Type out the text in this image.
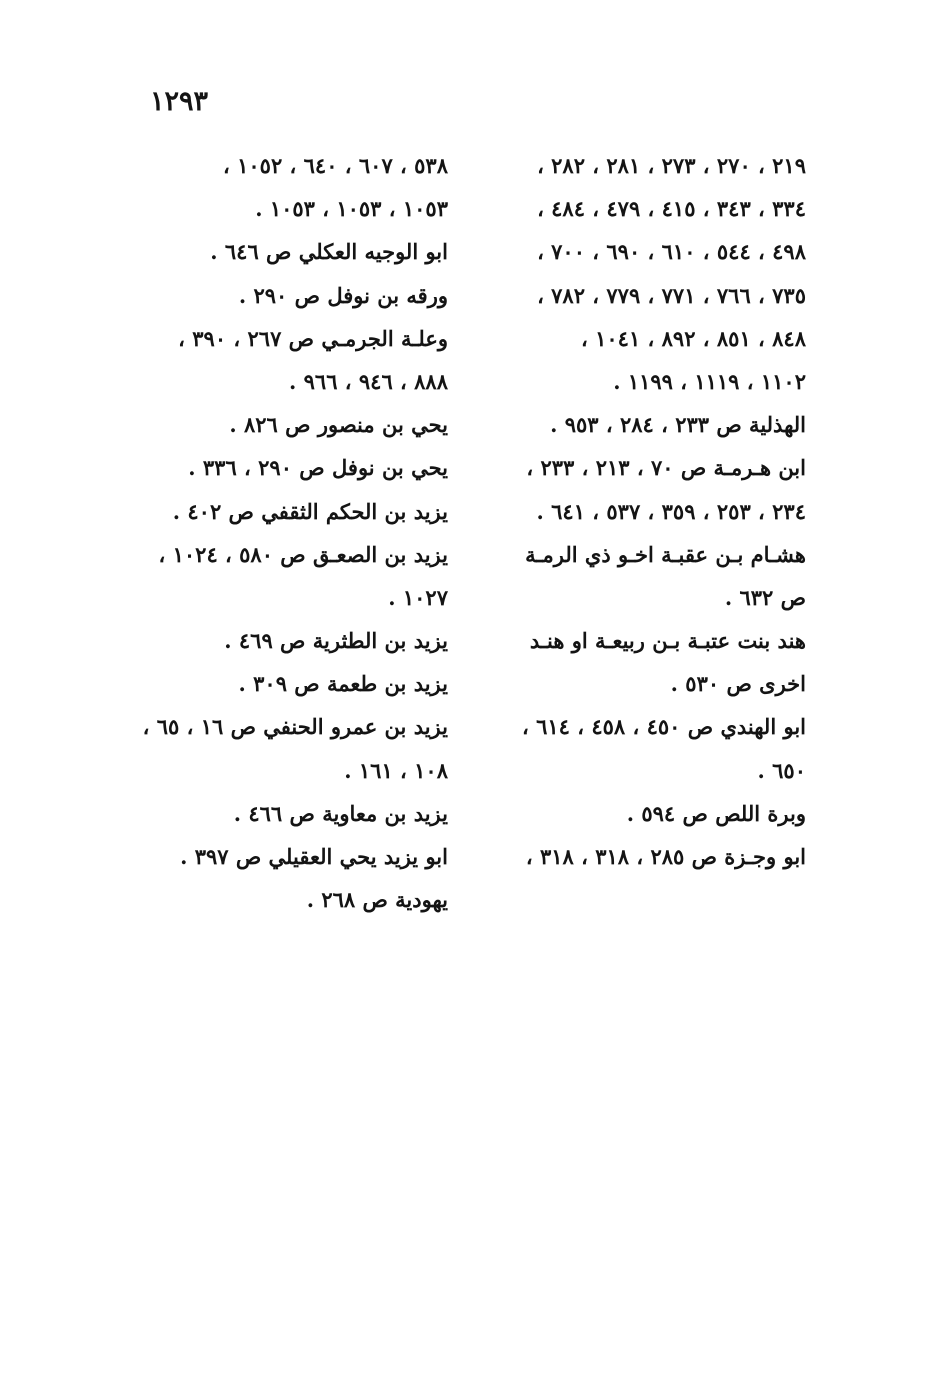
١٢٩٣
٢١٩ ، ٢٧٠ ، ٢٧٣ ، ٢٨١ ، ٢٨٢ ،
٣٣٤ ، ٣٤٣ ، ٤١٥ ، ٤٧٩ ، ٤٨٤ ،
٤٩٨ ، ٥٤٤ ، ٦١٠ ، ٦٩٠ ، ٧٠٠ ،
٧٣٥ ، ٧٦٦ ، ٧٧١ ، ٧٧٩ ، ٧٨٢ ،
٨٤٨ ، ٨٥١ ، ٨٩٢ ، ١٠٤١ ،
١١٠٢ ، ١١١٩ ، ١١٩٩ .
الهذلية ص ٢٣٣ ، ٢٨٤ ، ٩٥٣ .
ابن هـرمـة ص ٧٠ ، ٢١٣ ، ٢٣٣ ،
٢٣٤ ، ٢٥٣ ، ٣٥٩ ، ٥٣٧ ، ٦٤١ .
هشـام بـن عقبـة اخـو ذي الرمـة
ص ٦٣٢ .
هند بنت عتبـة بـن ربيعـة او هنـد
اخرى ص ٥٣٠ .
ابو الهندي ص ٤٥٠ ، ٤٥٨ ، ٦١٤ ،
٦٥٠ .
وبرة اللص ص ٥٩٤ .
ابو وجـزة ص ٢٨٥ ، ٣١٨ ، ٣١٨ ،
٥٣٨ ، ٦٠٧ ، ٦٤٠ ، ١٠٥٢ ،
١٠٥٣ ، ١٠٥٣ ، ١٠٥٣ .
ابو الوجيه العكلي ص ٦٤٦ .
ورقه بن نوفل ص ٢٩٠ .
وعلـة الجرمـي ص ٢٦٧ ، ٣٩٠ ،
٨٨٨ ، ٩٤٦ ، ٩٦٦ .
يحي بن منصور ص ٨٢٦ .
يحي بن نوفل ص ٢٩٠ ، ٣٣٦ .
يزيد بن الحكم الثقفي ص ٤٠٢ .
يزيد بن الصعـق ص ٥٨٠ ، ١٠٢٤ ،
١٠٢٧ .
يزيد بن الطثرية ص ٤٦٩ .
يزيد بن طعمة ص ٣٠٩ .
يزيد بن عمرو الحنفي ص ١٦ ، ٦٥ ،
١٠٨ ، ١٦١ .
يزيد بن معاوية ص ٤٦٦ .
ابو يزيد يحي العقيلي ص ٣٩٧ .
يهودية ص ٢٦٨ .
